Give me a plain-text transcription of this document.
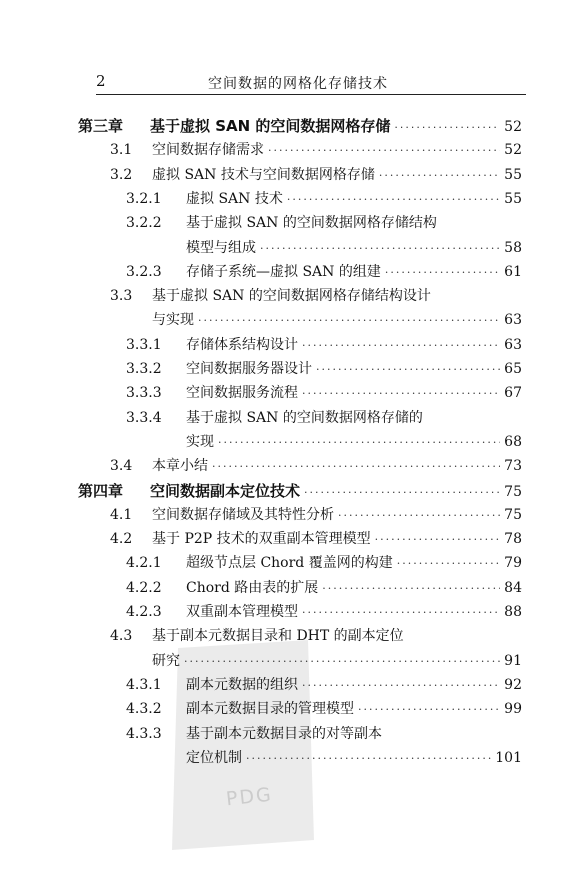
2	空间数据的网格化存储技术
PDG
第三章	基于虚拟 SAN 的空间数据网格存储 ·····	52
3.1	空间数据存储需求 ·····	52
3.2	虚拟 SAN 技术与空间数据网格存储 ·····	55
3.2.1	虚拟 SAN 技术 ·····	55
3.2.2	基于虚拟 SAN 的空间数据网格存储结构
模型与组成 ·····	58
3.2.3	存储子系统—虚拟 SAN 的组建 ·····	61
3.3	基于虚拟 SAN 的空间数据网格存储结构设计
与实现 ·····	63
3.3.1	存储体系结构设计 ·····	63
3.3.2	空间数据服务器设计 ·····	65
3.3.3	空间数据服务流程 ·····	67
3.3.4	基于虚拟 SAN 的空间数据网格存储的
实现 ·····	68
3.4	本章小结 ·····	73
第四章	空间数据副本定位技术 ·····	75
4.1	空间数据存储域及其特性分析 ·····	75
4.2	基于 P2P 技术的双重副本管理模型 ·····	78
4.2.1	超级节点层 Chord 覆盖网的构建 ·····	79
4.2.2	Chord 路由表的扩展 ·····	84
4.2.3	双重副本管理模型 ·····	88
4.3	基于副本元数据目录和 DHT 的副本定位
研究 ·····	91
4.3.1	副本元数据的组织 ·····	92
4.3.2	副本元数据目录的管理模型 ·····	99
4.3.3	基于副本元数据目录的对等副本
定位机制 ·····	101
